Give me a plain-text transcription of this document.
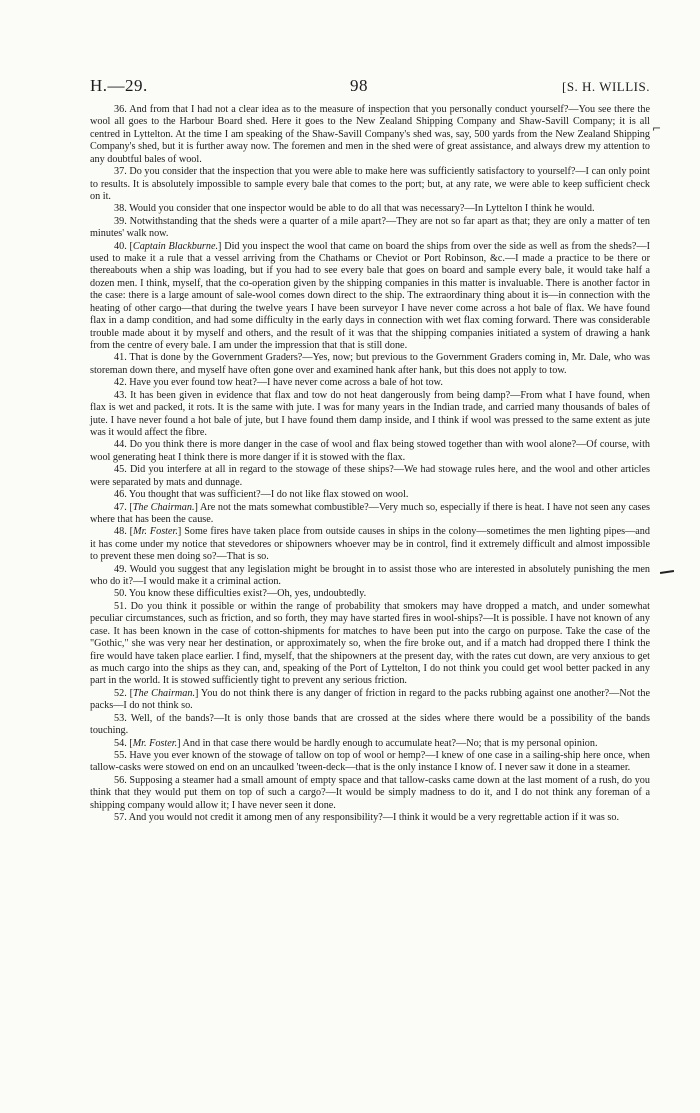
H.—29.	98	[S. H. WILLIS.

36. And from that I had not a clear idea as to the measure of inspection that you personally conduct yourself?—You see there the wool all goes to the Harbour Board shed. Here it goes to the New Zealand Shipping Company and Shaw-Savill Company; it is all centred in Lyttelton. At the time I am speaking of the Shaw-Savill Company's shed was, say, 500 yards from the New Zealand Shipping Company's shed, but it is further away now. The foremen and men in the shed were of great assistance, and always drew my attention to any doubtful bales of wool.

37. Do you consider that the inspection that you were able to make here was sufficiently satisfactory to yourself?—I can only point to results. It is absolutely impossible to sample every bale that comes to the port; but, at any rate, we were able to keep sufficient check on it.

38. Would you consider that one inspector would be able to do all that was necessary?—In Lyttelton I think he would.

39. Notwithstanding that the sheds were a quarter of a mile apart?—They are not so far apart as that; they are only a matter of ten minutes' walk now.

40. [Captain Blackburne.] Did you inspect the wool that came on board the ships from over the side as well as from the sheds?—I used to make it a rule that a vessel arriving from the Chathams or Cheviot or Port Robinson, &c.—I made a practice to be there or thereabouts when a ship was loading, but if you had to see every bale that goes on board and sample every bale, it would take half a dozen men. I think, myself, that the co-operation given by the shipping companies in this matter is invaluable. There is another factor in the case: there is a large amount of sale-wool comes down direct to the ship. The extraordinary thing about it is—in connection with the heating of other cargo—that during the twelve years I have been surveyor I have never come across a hot bale of flax. We have found flax in a damp condition, and had some difficulty in the early days in connection with wet flax coming forward. There was considerable trouble made about it by myself and others, and the result of it was that the shipping companies initiated a system of drawing a hank from the centre of every bale. I am under the impression that that is still done.

41. That is done by the Government Graders?—Yes, now; but previous to the Government Graders coming in, Mr. Dale, who was storeman down there, and myself have often gone over and examined hank after hank, but this does not apply to tow.

42. Have you ever found tow heat?—I have never come across a bale of hot tow.

43. It has been given in evidence that flax and tow do not heat dangerously from being damp?—From what I have found, when flax is wet and packed, it rots. It is the same with jute. I was for many years in the Indian trade, and carried many thousands of bales of jute. I have never found a hot bale of jute, but I have found them damp inside, and I think if wool was pressed to the same extent as jute was it would affect the fibre.

44. Do you think there is more danger in the case of wool and flax being stowed together than with wool alone?—Of course, with wool generating heat I think there is more danger if it is stowed with the flax.

45. Did you interfere at all in regard to the stowage of these ships?—We had stowage rules here, and the wool and other articles were separated by mats and dunnage.

46. You thought that was sufficient?—I do not like flax stowed on wool.

47. [The Chairman.] Are not the mats somewhat combustible?—Very much so, especially if there is heat. I have not seen any cases where that has been the cause.

48. [Mr. Foster.] Some fires have taken place from outside causes in ships in the colony—sometimes the men lighting pipes—and it has come under my notice that stevedores or shipowners whoever may be in control, find it extremely difficult and almost impossible to prevent these men doing so?—That is so.

49. Would you suggest that any legislation might be brought in to assist those who are interested in absolutely punishing the men who do it?—I would make it a criminal action.

50. You know these difficulties exist?—Oh, yes, undoubtedly.

51. Do you think it possible or within the range of probability that smokers may have dropped a match, and under somewhat peculiar circumstances, such as friction, and so forth, they may have started fires in wool-ships?—It is possible. I have not known of any case. It has been known in the case of cotton-shipments for matches to have been put into the cargo on purpose. Take the case of the "Gothic," she was very near her destination, or approximately so, when the fire broke out, and if a match had dropped there I think the fire would have taken place earlier. I find, myself, that the shipowners at the present day, with the rates cut down, are very anxious to get as much cargo into the ships as they can, and, speaking of the Port of Lyttelton, I do not think you could get wool better packed in any part in the world. It is stowed sufficiently tight to prevent any serious friction.

52. [The Chairman.] You do not think there is any danger of friction in regard to the packs rubbing against one another?—Not the packs—I do not think so.

53. Well, of the bands?—It is only those bands that are crossed at the sides where there would be a possibility of the bands touching.

54. [Mr. Foster.] And in that case there would be hardly enough to accumulate heat?—No; that is my personal opinion.

55. Have you ever known of the stowage of tallow on top of wool or hemp?—I knew of one case in a sailing-ship here once, when tallow-casks were stowed on end on an uncaulked 'tween-deck—that is the only instance I know of. I never saw it done in a steamer.

56. Supposing a steamer had a small amount of empty space and that tallow-casks came down at the last moment of a rush, do you think that they would put them on top of such a cargo?—It would be simply madness to do it, and I do not think any foreman of a shipping company would allow it; I have never seen it done.

57. And you would not credit it among men of any responsibility?—I think it would be a very regrettable action if it was so.

⌐
